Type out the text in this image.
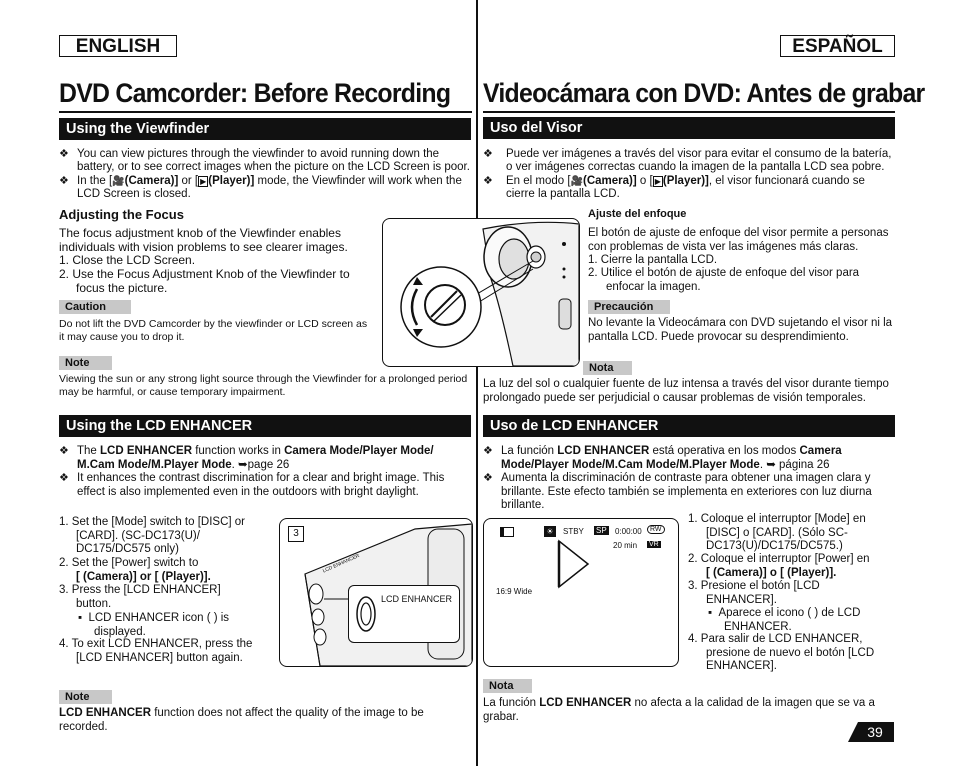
ENGLISH	ESPAÑOL
DVD Camcorder: Before Recording Videocámara con DVD: Antes de grabar
Using the Viewfinder
❖ You can view pictures through the viewfinder to avoid running down the battery, or to see correct images when the picture on the LCD Screen is poor.
❖ In the [🎥(Camera)] or [ ▶ (Player)] mode, the Viewfinder will work when the LCD Screen is closed.
Adjusting the Focus
The focus adjustment knob of the Viewfinder enables individuals with vision problems to see clearer images.
1. Close the LCD Screen.
2. Use the Focus Adjustment Knob of the Viewfinder to focus the picture.
Caution
Do not lift the DVD Camcorder by the viewfinder or LCD screen as it may cause you to drop it.
Note
Viewing the sun or any strong light source through the Viewfinder for a prolonged period may be harmful, or cause temporary impairment.
Using the LCD ENHANCER
❖ The LCD ENHANCER function works in Camera Mode/Player Mode/ M.Cam Mode/M.Player Mode. ➥page 26
❖ It enhances the contrast discrimination for a clear and bright image. This effect is also implemented even in the outdoors with bright daylight.
1. Set the [Mode] switch to [DISC] or [CARD]. (SC-DC173(U)/ DC175/DC575 only)
2. Set the [Power] switch to
[ (Camera)] or [ (Player)].
3. Press the [LCD ENHANCER] button.
▪  LCD ENHANCER icon ( ) is displayed.
4. To exit LCD ENHANCER, press the [LCD ENHANCER] button again.
Note
LCD ENHANCER function does not affect the quality of the image to be recorded.
3
LCD ENHANCER
LCD ENHANCER
Uso del Visor
❖	Puede ver imágenes a través del visor para evitar el consumo de la batería, o ver imágenes correctas cuando la imagen de la pantalla LCD sea pobre.
❖	En el modo [🎥(Camera)] o [ ▶ (Player)], el visor funcionará cuando se cierre la pantalla LCD.
Ajuste del enfoque
El botón de ajuste de enfoque del visor permite a personas con problemas de vista ver las imágenes más claras.
1. Cierre la pantalla LCD.
2. Utilice el botón de ajuste de enfoque del visor para enfocar la imagen.
Precaución
No levante la Videocámara con DVD sujetando el visor ni la pantalla LCD. Puede provocar su desprendimiento.
Nota
La luz del sol o cualquier fuente de luz intensa a través del visor durante tiempo prolongado puede ser perjudicial o causar problemas de visión temporales.
Uso de LCD ENHANCER
❖ La función LCD ENHANCER está operativa en los modos Camera Mode/Player Mode/M.Cam Mode/M.Player Mode. ➥ página 26
❖ Aumenta la discriminación de contraste para obtener una imagen clara y brillante. Este efecto también se implementa en exteriores con luz diurna brillante.
☀	STBY SP 0:00:00	RW
20 min VR
16:9 Wide
1. Coloque el interruptor [Mode] en [DISC] o [CARD]. (Sólo SC-DC173(U)/DC175/DC575.)
2. Coloque el interruptor [Power] en
[ (Camera)] o [ (Player)].
3. Presione el botón [LCD ENHANCER].
▪  Aparece el icono ( ) de LCD ENHANCER.
4. Para salir de LCD ENHANCER, presione de nuevo el botón [LCD ENHANCER].
Nota
La función LCD ENHANCER no afecta a la calidad de la imagen que se va a grabar.
39
